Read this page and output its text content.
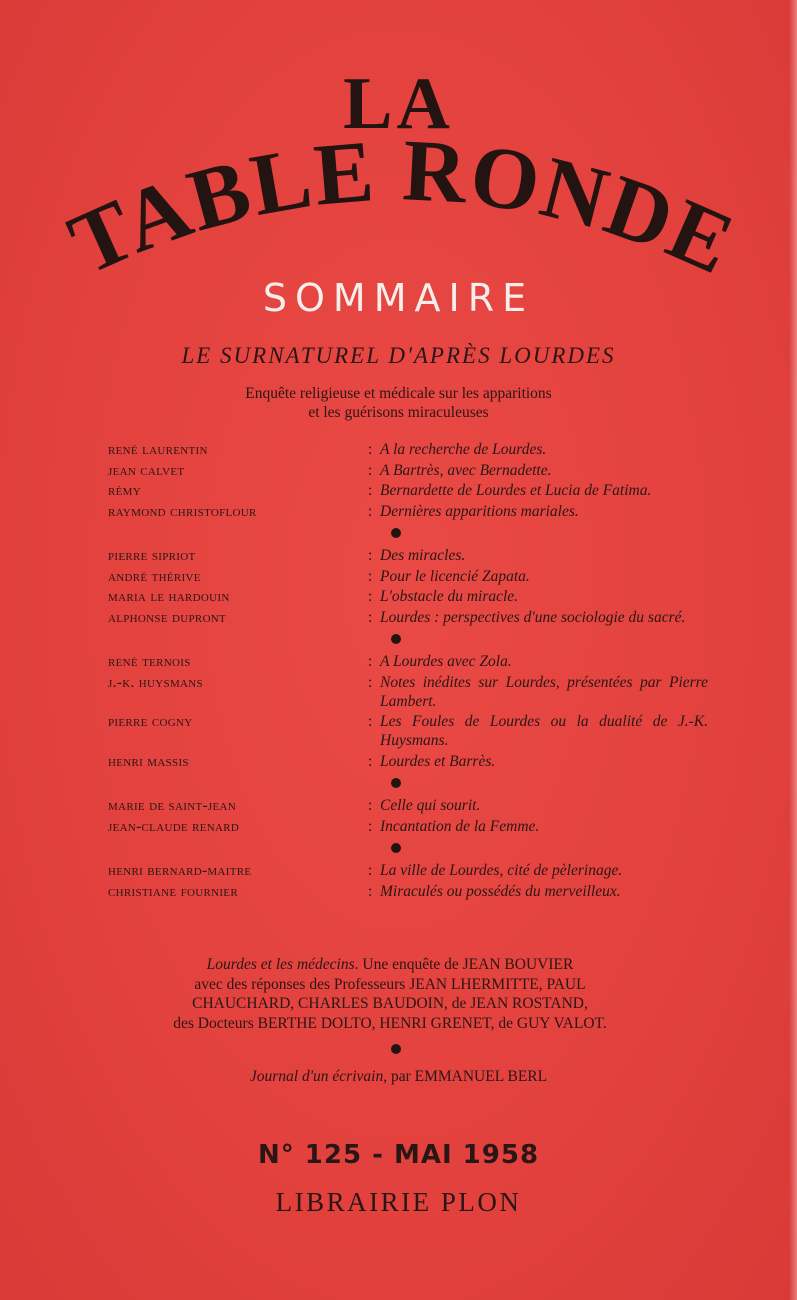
LA
TABLE RONDE
SOMMAIRE
LE SURNATUREL D'APRÈS LOURDES
Enquête religieuse et médicale sur les apparitions
et les guérisons miraculeuses
rené laurentin	: A la recherche de Lourdes.
jean calvet	: A Bartrès, avec Bernadette.
rémy	: Bernardette de Lourdes et Lucia de Fatima.
raymond christoflour	: Dernières apparitions mariales.
pierre sipriot	: Des miracles.
andré thérive	: Pour le licencié Zapata.
maria le hardouin	: L'obstacle du miracle.
alphonse dupront	: Lourdes : perspectives d'une sociologie du sacré.
rené ternois	: A Lourdes avec Zola.
j.-k. huysmans	: Notes inédites sur Lourdes, présentées par Pierre Lambert.
pierre cogny	: Les Foules de Lourdes ou la dualité de J.-K. Huysmans.
henri massis	: Lourdes et Barrès.
marie de saint-jean	: Celle qui sourit.
jean-claude renard	: Incantation de la Femme.
henri bernard-maitre	: La ville de Lourdes, cité de pèlerinage.
christiane fournier	: Miraculés ou possédés du merveilleux.
Lourdes et les médecins. Une enquête de JEAN BOUVIER
avec des réponses des Professeurs JEAN LHERMITTE, PAUL
CHAUCHARD, CHARLES BAUDOIN, de JEAN ROSTAND,
des Docteurs BERTHE DOLTO, HENRI GRENET, de GUY VALOT.
Journal d'un écrivain, par EMMANUEL BERL
N° 125 - MAI 1958
LIBRAIRIE PLON
